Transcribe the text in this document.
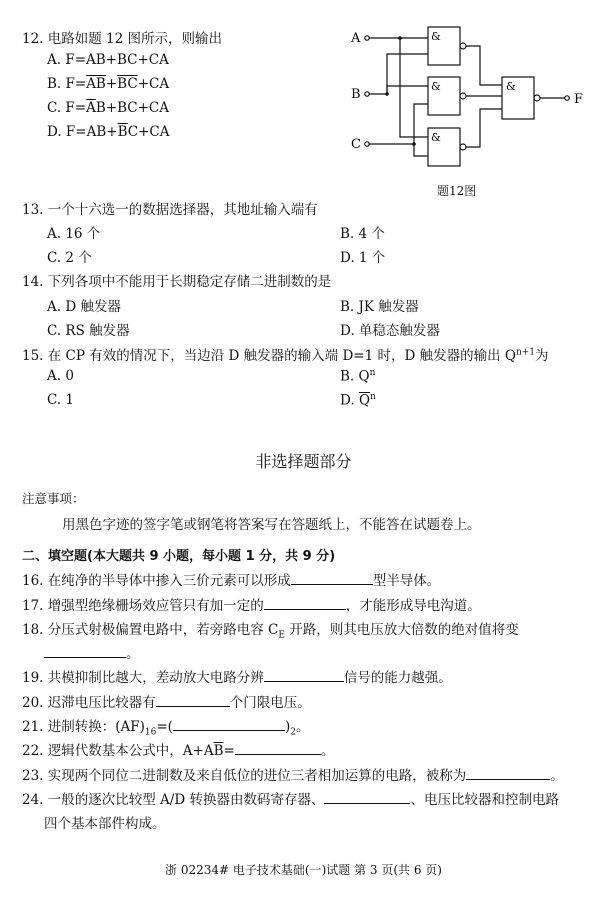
12. 电路如题 12 图所示，则输出
A. F=AB+BC+CA
B. $F=\overline{AB}+\overline{BC}+CA$
C. $F=\overline{A}B+BC+CA$
D. $F=AB+\overline{B}C+CA$
&
&
&
&
A
B
C
F
题12图
13. 一个十六选一的数据选择器，其地址输入端有
A. 16 个	B. 4 个
C. 2 个	D. 1 个
14. 下列各项中不能用于长期稳定存储二进制数的是
A. D 触发器	B. JK 触发器
C. RS 触发器	D. 单稳态触发器
15. 在 CP 有效的情况下，当边沿 D 触发器的输入端 D=1 时，D 触发器的输出 $Q^{n+1}$为
A. 0	B. $Q^n$
C. 1	D. $\overline{Q}^n$
非选择题部分
注意事项：
用黑色字迹的签字笔或钢笔将答案写在答题纸上，不能答在试题卷上。
二、填空题(本大题共 9 小题，每小题 1 分，共 9 分)
16. 在纯净的半导体中掺入三价元素可以形成	型半导体。
17. 增强型绝缘栅场效应管只有加一定的	，才能形成导电沟道。
18. 分压式射极偏置电路中，若旁路电容 $C_E$ 开路，则其电压放大倍数的绝对值将变
。
19. 共模抑制比越大，差动放大电路分辨	信号的能力越强。
20. 迟滞电压比较器有	个门限电压。
21. 进制转换：$(AF)_{16}=$(	)$_2$。
22. 逻辑代数基本公式中，$A+A\overline{B}=$	。
23. 实现两个同位二进制数及来自低位的进位三者相加运算的电路，被称为	。
24. 一般的逐次比较型 A/D 转换器由数码寄存器、	、电压比较器和控制电路
四个基本部件构成。
浙 02234# 电子技术基础(一)试题 第 3 页(共 6 页)
